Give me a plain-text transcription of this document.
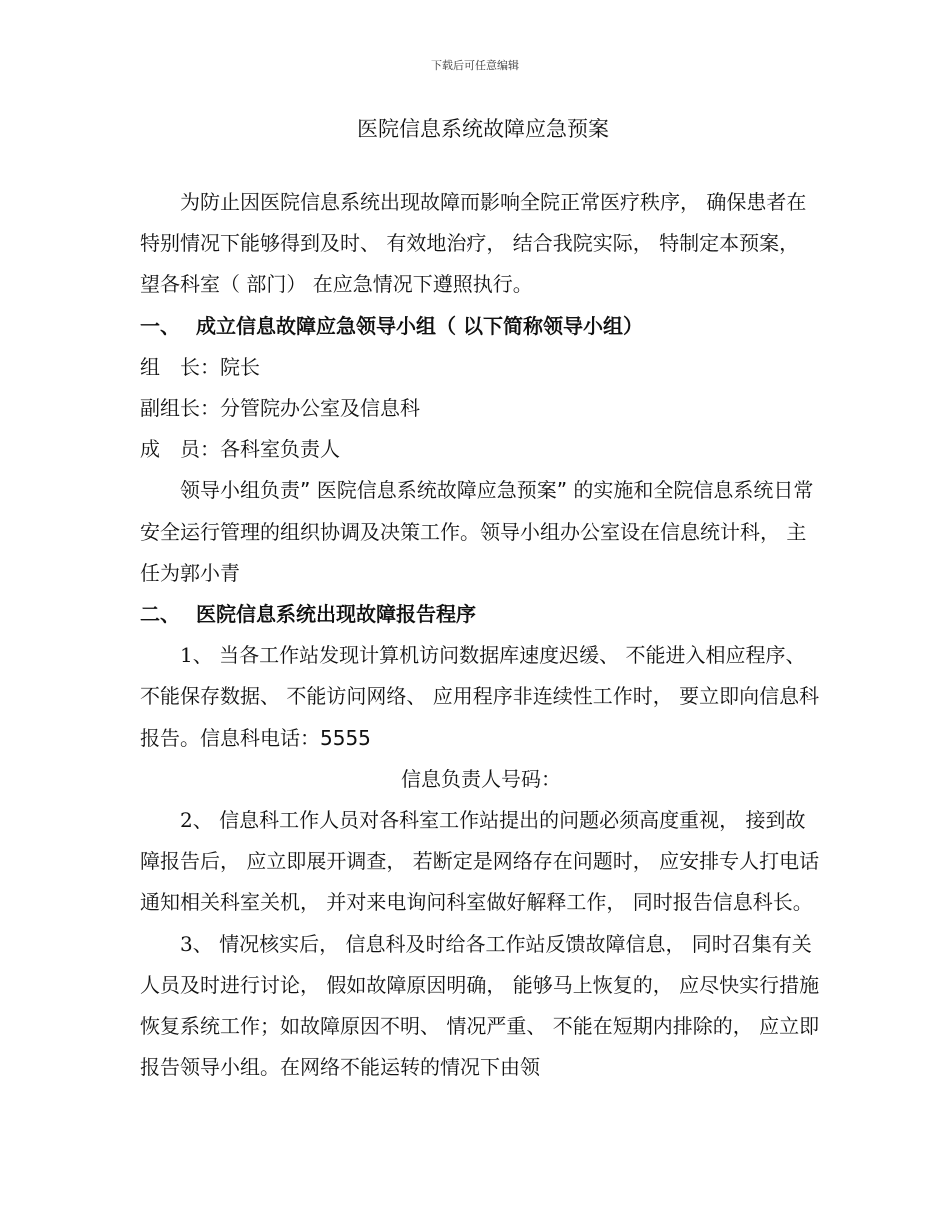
下载后可任意编辑
医院信息系统故障应急预案

为防止因医院信息系统出现故障而影响全院正常医疗秩序， 确保患者在特别情况下能够得到及时、 有效地治疗， 结合我院实际， 特制定本预案， 望各科室（ 部门） 在应急情况下遵照执行。

一、 成立信息故障应急领导小组（ 以下简称领导小组）

组　长：院长

副组长：分管院办公室及信息科

成　员：各科室负责人

领导小组负责” 医院信息系统故障应急预案” 的实施和全院信息系统日常安全运行管理的组织协调及决策工作。领导小组办公室设在信息统计科， 主任为郭小青

二、 医院信息系统出现故障报告程序

1、 当各工作站发现计算机访问数据库速度迟缓、 不能进入相应程序、 不能保存数据、 不能访问网络、 应用程序非连续性工作时， 要立即向信息科报告。信息科电话：5555

信息负责人号码：

2、 信息科工作人员对各科室工作站提出的问题必须高度重视， 接到故障报告后， 应立即展开调查， 若断定是网络存在问题时， 应安排专人打电话通知相关科室关机， 并对来电询问科室做好解释工作， 同时报告信息科长。

3、 情况核实后， 信息科及时给各工作站反馈故障信息， 同时召集有关人员及时进行讨论， 假如故障原因明确， 能够马上恢复的， 应尽快实行措施恢复系统工作；如故障原因不明、 情况严重、 不能在短期内排除的， 应立即报告领导小组。在网络不能运转的情况下由领
